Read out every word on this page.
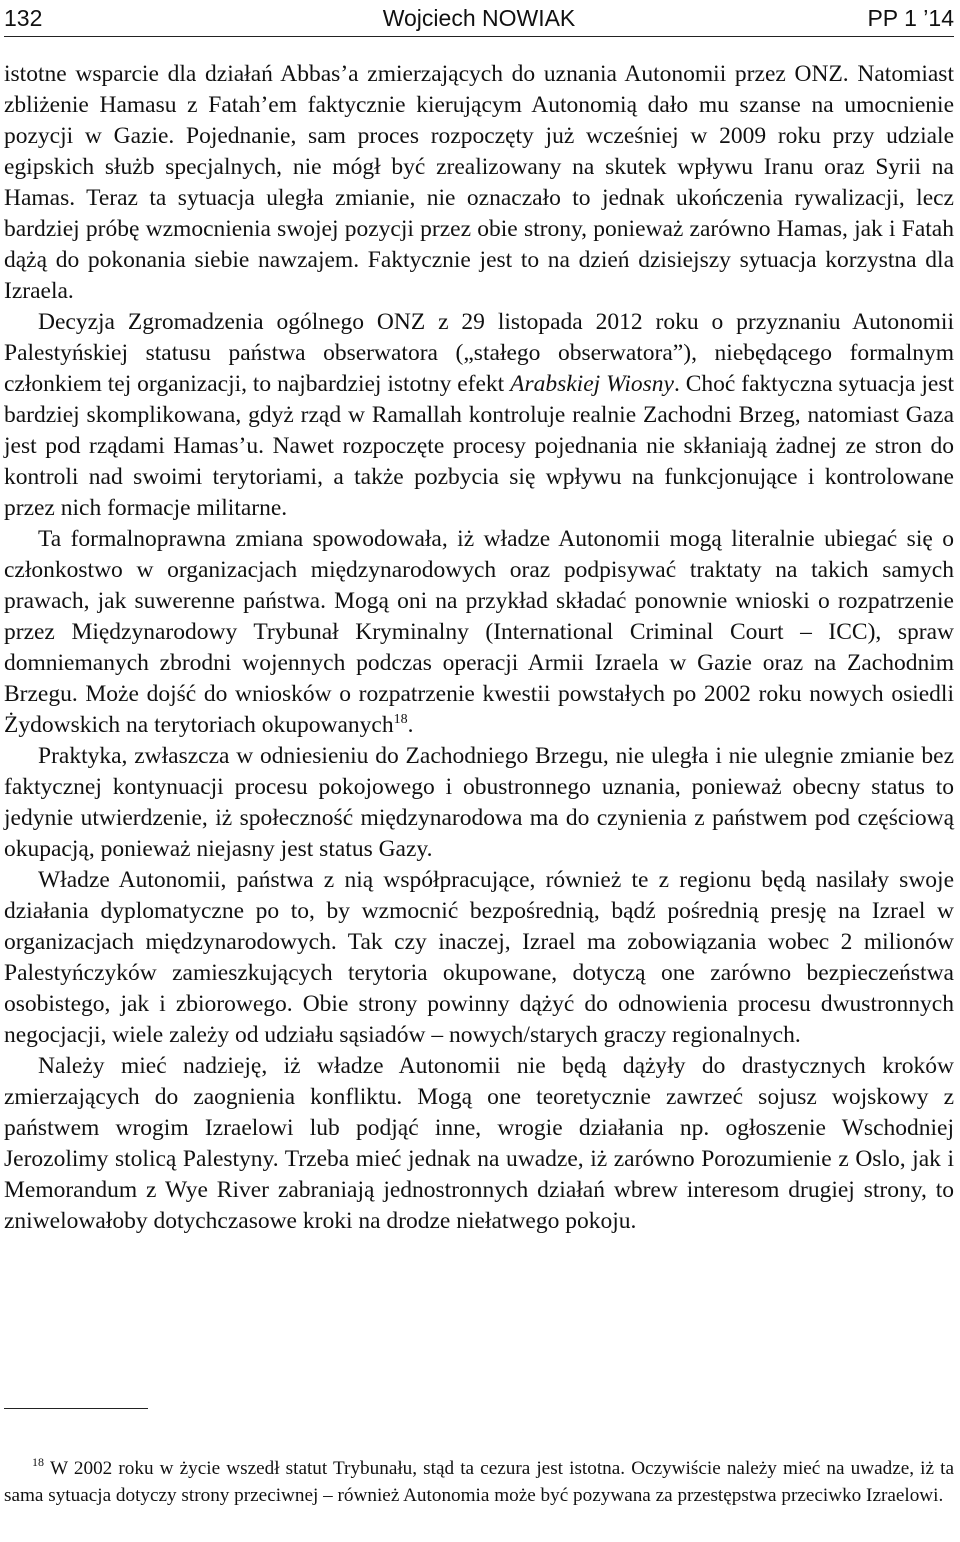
132	Wojciech NOWIAK	PP 1 ’14

istotne wsparcie dla działań Abbas’a zmierzających do uznania Autonomii przez ONZ. Natomiast zbliżenie Hamasu z Fatah’em faktycznie kierującym Autonomią dało mu szanse na umocnienie pozycji w Gazie. Pojednanie, sam proces rozpoczęty już wcześniej w 2009 roku przy udziale egipskich służb specjalnych, nie mógł być zrealizowany na skutek wpływu Iranu oraz Syrii na Hamas. Teraz ta sytuacja uległa zmianie, nie oznaczało to jednak ukończenia rywalizacji, lecz bardziej próbę wzmocnienia swojej pozycji przez obie strony, ponieważ zarówno Hamas, jak i Fatah dążą do pokonania siebie nawzajem. Faktycznie jest to na dzień dzisiejszy sytuacja korzystna dla Izraela.

Decyzja Zgromadzenia ogólnego ONZ z 29 listopada 2012 roku o przyznaniu Autonomii Palestyńskiej statusu państwa obserwatora („stałego obserwatora”), niebędącego formalnym członkiem tej organizacji, to najbardziej istotny efekt Arabskiej Wiosny. Choć faktyczna sytuacja jest bardziej skomplikowana, gdyż rząd w Ramallah kontroluje realnie Zachodni Brzeg, natomiast Gaza jest pod rządami Hamas’u. Nawet rozpoczęte procesy pojednania nie skłaniają żadnej ze stron do kontroli nad swoimi terytoriami, a także pozbycia się wpływu na funkcjonujące i kontrolowane przez nich formacje militarne.

Ta formalnoprawna zmiana spowodowała, iż władze Autonomii mogą literalnie ubiegać się o członkostwo w organizacjach międzynarodowych oraz podpisywać traktaty na takich samych prawach, jak suwerenne państwa. Mogą oni na przykład składać ponownie wnioski o rozpatrzenie przez Międzynarodowy Trybunał Kryminalny (International Criminal Court – ICC), spraw domniemanych zbrodni wojennych podczas operacji Armii Izraela w Gazie oraz na Zachodnim Brzegu. Może dojść do wniosków o rozpatrzenie kwestii powstałych po 2002 roku nowych osiedli Żydowskich na terytoriach okupowanych$^{18}$.

Praktyka, zwłaszcza w odniesieniu do Zachodniego Brzegu, nie uległa i nie ulegnie zmianie bez faktycznej kontynuacji procesu pokojowego i obustronnego uznania, ponieważ obecny status to jedynie utwierdzenie, iż społeczność międzynarodowa ma do czynienia z państwem pod częściową okupacją, ponieważ niejasny jest status Gazy.

Władze Autonomii, państwa z nią współpracujące, również te z regionu będą nasilały swoje działania dyplomatyczne po to, by wzmocnić bezpośrednią, bądź pośrednią presję na Izrael w organizacjach międzynarodowych. Tak czy inaczej, Izrael ma zobowiązania wobec 2 milionów Palestyńczyków zamieszkujących terytoria okupowane, dotyczą one zarówno bezpieczeństwa osobistego, jak i zbiorowego. Obie strony powinny dążyć do odnowienia procesu dwustronnych negocjacji, wiele zależy od udziału sąsiadów – nowych/starych graczy regionalnych.

Należy mieć nadzieję, iż władze Autonomii nie będą dążyły do drastycznych kroków zmierzających do zaognienia konfliktu. Mogą one teoretycznie zawrzeć sojusz wojskowy z państwem wrogim Izraelowi lub podjąć inne, wrogie działania np. ogłoszenie Wschodniej Jerozolimy stolicą Palestyny. Trzeba mieć jednak na uwadze, iż zarówno Porozumienie z Oslo, jak i Memorandum z Wye River zabraniają jednostronnych działań wbrew interesom drugiej strony, to zniwelowałoby dotychczasowe kroki na drodze niełatwego pokoju.

$^{18}$ W 2002 roku w życie wszedł statut Trybunału, stąd ta cezura jest istotna. Oczywiście należy mieć na uwadze, iż ta sama sytuacja dotyczy strony przeciwnej – również Autonomia może być pozywana za przestępstwa przeciwko Izraelowi.
